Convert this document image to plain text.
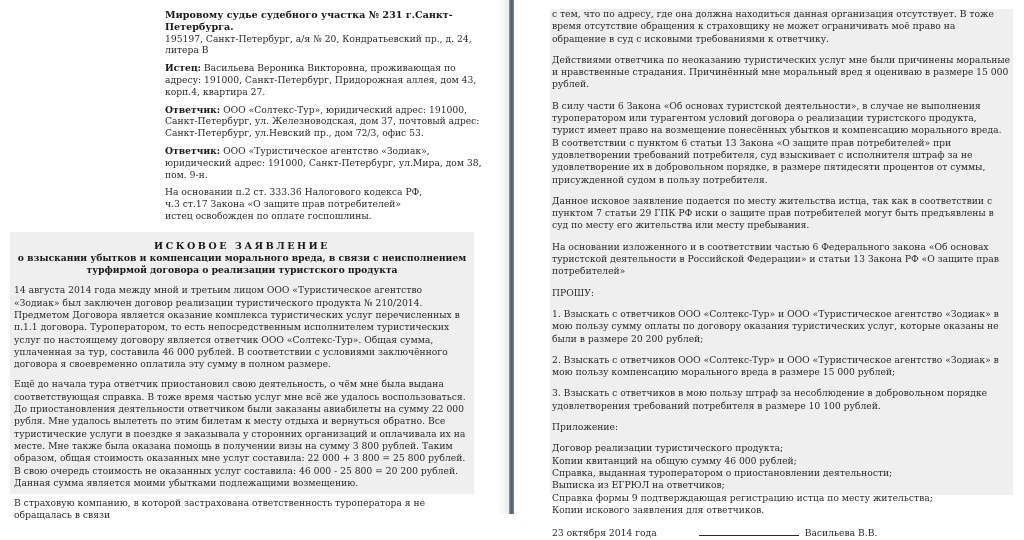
Мировому судье судебного участка № 231 г.Санкт-Петербурга.
195197, Санкт-Петербург, а/я № 20, Кондратьевский пр., д. 24, литера В

Истец: Васильева Вероника Викторовна, проживающая по адресу: 191000, Санкт-Петербург, Придорожная аллея, дом 43, корп.4, квартира 27.

Ответчик: ООО «Солтекс-Тур», юридический адрес: 191000, Санкт-Петербург, ул. Железноводская, дом 37, почтовый адрес: Санкт-Петербург, ул.Невский пр., дом 72/3, офис 53.

Ответчик: ООО «Туристическое агентство «Зодиак», юридический адрес: 191000, Санкт-Петербург, ул.Мира, дом 38, пом. 9-н.

На основании п.2 ст. 333.36 Налогового кодекса РФ,
ч.3 ст.17 Закона «О защите прав потребителей»
истец освобожден по оплате госпошлины.

ИСКОВОЕ ЗАЯВЛЕНИЕ
о взыскании убытков и компенсации морального вреда, в связи с неисполнением турфирмой договора о реализации туристского продукта

14 августа 2014 года между мной и третьим лицом ООО «Туристическое агентство «Зодиак» был заключен договор реализации туристического продукта № 210/2014. Предметом Договора является оказание комплекса туристических услуг перечисленных в п.1.1 договора. Туроператором, то есть непосредственным исполнителем туристических услуг по настоящему договору является ответчик ООО «Солтекс-Тур». Общая сумма, уплаченная за тур, составила 46 000 рублей. В соответствии с условиями заключённого договора я своевременно оплатила эту сумму в полном размере.

Ещё до начала тура ответчик приостановил свою деятельность, о чём мне была выдана соответствующая справка. В тоже время частью услуг мне всё же удалось воспользоваться. До приостановления деятельности ответчиком были заказаны авиабилеты на сумму 22 000 рубля. Мне удалось вылететь по этим билетам к месту отдыха и вернуться обратно. Все туристические услуги в поездке я заказывала у сторонних организаций и оплачивала их на месте. Мне также была оказана помощь в получении визы на сумму 3 800 рублей. Таким образом, общая стоимость оказанных мне услуг составила: 22 000 + 3 800 = 25 800 рублей. В свою очередь стоимость не оказанных услуг составила: 46 000 - 25 800 = 20 200 рублей. Данная сумма является моими убытками подлежащими возмещению.

В страховую компанию, в которой застрахована ответственность туроператора я не обращалась в связи

с тем, что по адресу, где она должна находиться данная организация отсутствует. В тоже время отсутствие обращения к страховщику не может ограничивать моё право на обращение в суд с исковыми требованиями к ответчику.

Действиями ответчика по неоказанию туристических услуг мне были причинены моральные и нравственные страдания. Причинённый мне моральный вред я оцениваю в размере 15 000 рублей.

В силу части 6 Закона «Об основах туристской деятельности», в случае не выполнения туроператором или турагентом условий договора о реализации туристского продукта, турист имеет право на возмещение понесённых убытков и компенсацию морального вреда. В соответствии с пунктом 6 статьи 13 Закона «О защите прав потребителей» при удовлетворении требований потребителя, суд взыскивает с исполнителя штраф за не удовлетворение их в добровольном порядке, в размере пятидесяти процентов от суммы, присужденной судом в пользу потребителя.

Данное исковое заявление подается по месту жительства истца, так как в соответствии с пунктом 7 статьи 29 ГПК РФ иски о защите прав потребителей могут быть предъявлены в суд по месту его жительства или месту пребывания.

На основании изложенного и в соответствии частью 6 Федерального закона «Об основах туристской деятельности в Российской Федерации» и статьи 13 Закона РФ «О защите прав потребителей»

ПРОШУ:

1. Взыскать с ответчиков ООО «Солтекс-Тур» и ООО «Туристическое агентство «Зодиак» в мою пользу сумму оплаты по договору оказания туристических услуг, которые оказаны не были в размере 20 200 рублей;

2. Взыскать с ответчиков ООО «Солтекс-Тур» и ООО «Туристическое агентство «Зодиак» в мою пользу компенсацию морального вреда в размере 15 000 рублей;

3. Взыскать с ответчиков в мою пользу штраф за несоблюдение в добровольном порядке удовлетворения требований потребителя в размере 10 100 рублей.

Приложение:

Договор реализации туристического продукта;

Копии квитанций на общую сумму 46 000 рублей;

Справка, выданная туроператором о приостановлении деятельности;

Выписка из ЕГРЮЛ на ответчиков;

Справка формы 9 подтверждающая регистрацию истца по месту жительства;

Копии искового заявления для ответчиков.

23 октября 2014 года	Васильева В.В.
